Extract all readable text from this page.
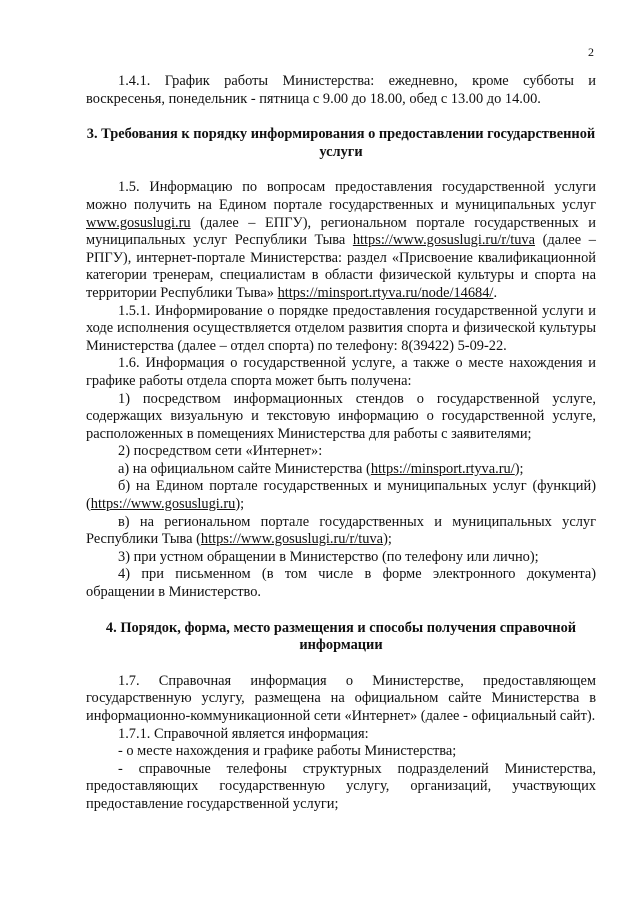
2

1.4.1. График работы Министерства: ежедневно, кроме субботы и воскресенья, понедельник - пятница с 9.00 до 18.00, обед с 13.00 до 14.00.

3. Требования к порядку информирования о предоставлении государственной услуги

1.5. Информацию по вопросам предоставления государственной услуги можно получить на Едином портале государственных и муниципальных услуг www.gosuslugi.ru (далее – ЕПГУ), региональном портале государственных и муниципальных услуг Республики Тыва https://www.gosuslugi.ru/r/tuva (далее – РПГУ), интернет-портале Министерства: раздел «Присвоение квалификационной категории тренерам, специалистам в области физической культуры и спорта на территории Республики Тыва» https://minsport.rtyva.ru/node/14684/.

1.5.1. Информирование о порядке предоставления государственной услуги и ходе исполнения осуществляется отделом развития спорта и физической культуры Министерства (далее – отдел спорта) по телефону: 8(39422) 5-09-22.

1.6. Информация о государственной услуге, а также о месте нахождения и графике работы отдела спорта может быть получена:

1) посредством информационных стендов о государственной услуге, содержащих визуальную и текстовую информацию о государственной услуге, расположенных в помещениях Министерства для работы с заявителями;

2) посредством сети «Интернет»:

а) на официальном сайте Министерства (https://minsport.rtyva.ru/);

б) на Едином портале государственных и муниципальных услуг (функций) (https://www.gosuslugi.ru);

в) на региональном портале государственных и муниципальных услуг Республики Тыва (https://www.gosuslugi.ru/r/tuva);

3) при устном обращении в Министерство (по телефону или лично);

4) при письменном (в том числе в форме электронного документа) обращении в Министерство.

4. Порядок, форма, место размещения и способы получения справочной информации

1.7. Справочная информация о Министерстве, предоставляющем государственную услугу, размещена на официальном сайте Министерства в информационно-коммуникационной сети «Интернет» (далее - официальный сайт).

1.7.1. Справочной является информация:

- о месте нахождения и графике работы Министерства;

- справочные телефоны структурных подразделений Министерства, предоставляющих государственную услугу, организаций, участвующих предоставление государственной услуги;
